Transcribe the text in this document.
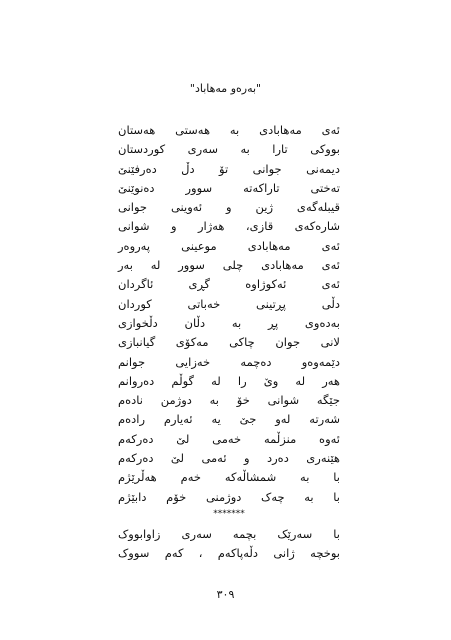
"بەرەو مەهاباد"
ئەی مەهابادی بە هەستی هەستان
بووکی تارا بە سەری کوردستان
دیمەنی جوانی تۆ دڵ دەرفێنێ
تەختی تاراکەتە سوور دەنوێنێ
قیبلەگەی ژین و ئەوینی جوانی
شارەکەی قازی، هەژار و شوانی
ئەی مەهابادی موعینی پەروەر
ئەی مەهابادی چلی سوور لە بەر
ئەی ئەکوژاوە گڕی ئاگردان
دڵی پڕتینی خەباتی کوردان
بەدەوی پڕ بە دڵان دڵخوازی
لانی جوان چاکی مەکۆی گیانبازی
دێمەوەو دەچمە خەزایی جوانم
هەر لە وێ را لە گوڵم دەروانم
جێگە شوانی خۆ بە دوژمن نادەم
شەرتە لەو جێ یە ئەیارم رادەم
ئەوە منزڵمە خەمی لێ دەرکەم
هێنەری دەرد و ئەمی لێ دەرکەم
با بە شمشاڵەکە خەم هەڵرێژم
با بە چەک دوژمنی خۆم دابێژم
*******
با سەرێک بچمە سەری زاوابووک
بوخچە ژانی دڵەپاکەم ، کەم سووک
٣٠٩
